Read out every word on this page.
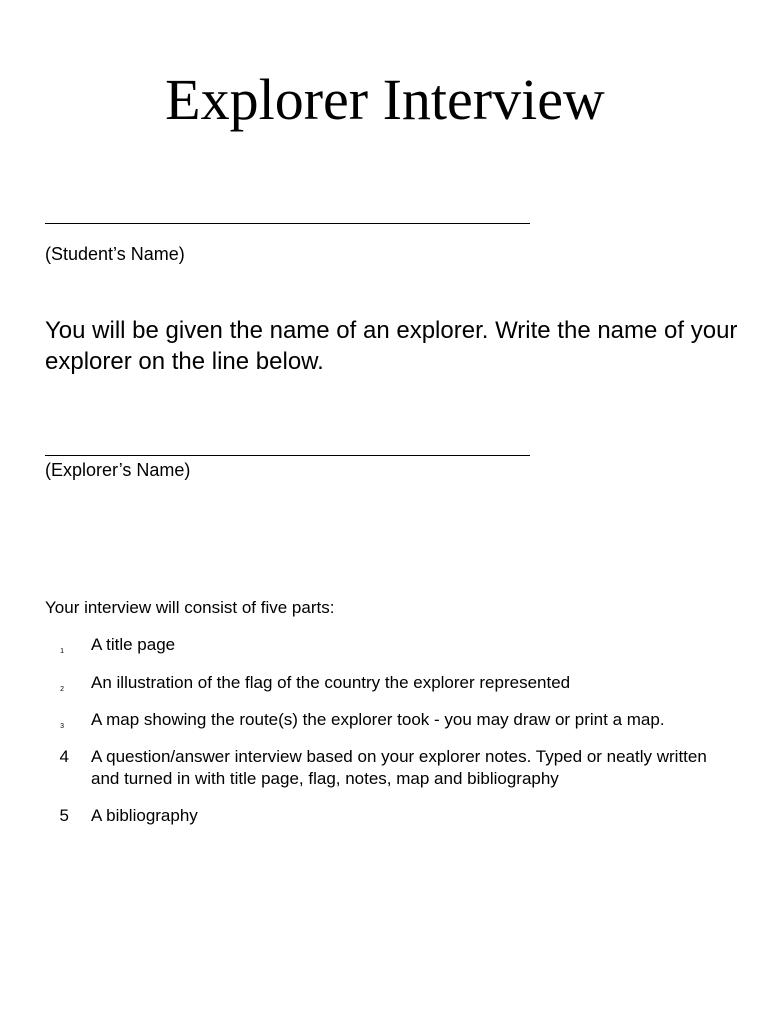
Explorer Interview
(Student’s Name)

You will be given the name of an explorer. Write the name of your explorer on the line below.

(Explorer’s Name)

Your interview will consist of five parts:

1 A title page
2 An illustration of the flag of the country the explorer represented
3 A map showing the route(s) the explorer took - you may draw or print a map.
4 A question/answer interview based on your explorer notes. Typed or neatly written and turned in with title page, flag, notes, map and bibliography
5 A bibliography
